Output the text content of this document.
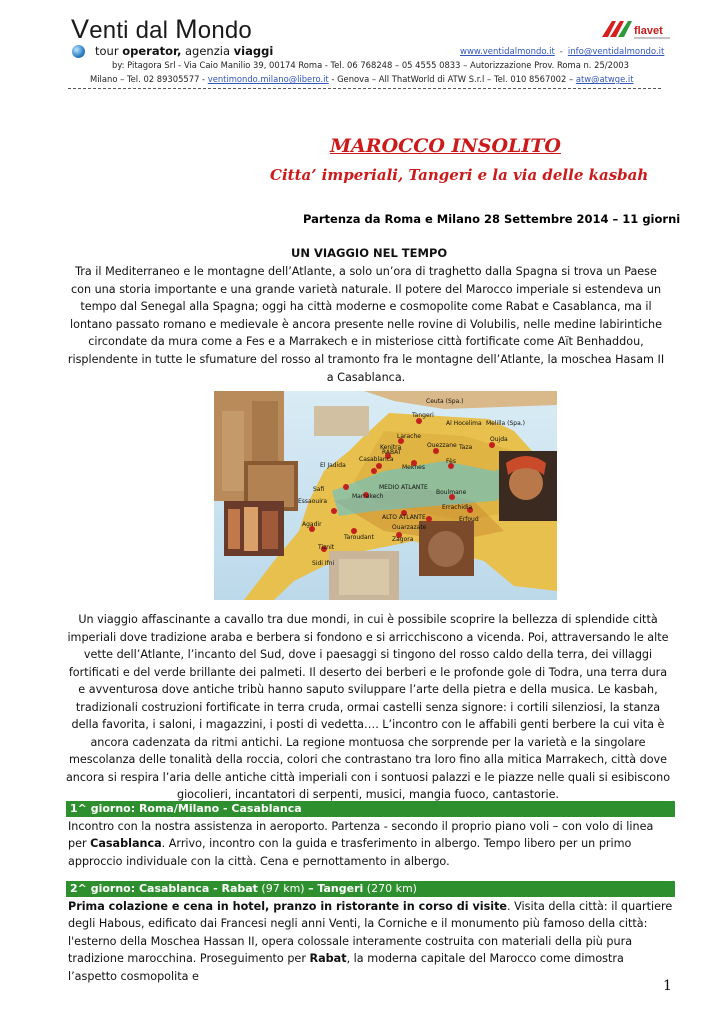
Venti dal Mondo
tour operator, agenzia viaggi	www.ventidalmondo.it - info@ventidalmondo.it
by: Pitagora Srl - Via Caio Manilio 39, 00174 Roma - Tel. 06 768248 – 05 4555 0833 – Autorizzazione Prov. Roma n. 25/2003
Milano – Tel. 02 89305577 - ventimondo.milano@libero.it - Genova – All ThatWorld di ATW S.r.l – Tel. 010 8567002 – atw@atwge.it
flavet
MAROCCO INSOLITO
Citta’ imperiali, Tangeri e la via delle kasbah
Partenza da Roma e Milano 28 Settembre 2014 – 11 giorni
UN VIAGGIO NEL TEMPO
Tra il Mediterraneo e le montagne dell’Atlante, a solo un’ora di traghetto dalla Spagna si trova un Paese con una storia importante e una grande varietà naturale. Il potere del Marocco imperiale si estendeva un tempo dal Senegal alla Spagna; oggi ha città moderne e cosmopolite come Rabat e Casablanca, ma il lontano passato romano e medievale è ancora presente nelle rovine di Volubilis, nelle medine labirintiche circondate da mura come a Fes e a Marrakech e in misteriose città fortificate come Aït Benhaddou, risplendente in tutte le sfumature del rosso al tramonto fra le montagne dell’Atlante, la moschea Hasam II a Casablanca.
Ceuta (Spa.)
Tangeri
Al Hocelima Melilla (Spa.)
Larache
Kenitra	Ouezzane Taza
Oujda
RABAT
Fès
Casablanca
Meknes
El Jadida
Safi	Boulmane
MEDIO ATLANTE
Marrakech
Essaouira
ALTO ATLANTE
Errachidia
Ouarzazate
Erfoud
Agadir
Taroudant	Zagora
Tiznit
Sidi Ifni
Un viaggio affascinante a cavallo tra due mondi, in cui è possibile scoprire la bellezza di splendide città imperiali dove tradizione araba e berbera si fondono e si arricchiscono a vicenda. Poi, attraversando le alte vette dell’Atlante, l’incanto del Sud, dove i paesaggi si tingono del rosso caldo della terra, dei villaggi fortificati e del verde brillante dei palmeti. Il deserto dei berberi e le profonde gole di Todra, una terra dura e avventurosa dove antiche tribù hanno saputo sviluppare l’arte della pietra e della musica. Le kasbah, tradizionali costruzioni fortificate in terra cruda, ormai castelli senza signore: i cortili silenziosi, la stanza della favorita, i saloni, i magazzini, i posti di vedetta…. L’incontro con le affabili genti berbere la cui vita è ancora cadenzata da ritmi antichi. La regione montuosa che sorprende per la varietà e la singolare mescolanza delle tonalità della roccia, colori che contrastano tra loro fino alla mitica Marrakech, città dove ancora si respira l’aria delle antiche città imperiali con i sontuosi palazzi e le piazze nelle quali si esibiscono giocolieri, incantatori di serpenti, musici, mangia fuoco, cantastorie.
1^ giorno: Roma/Milano - Casablanca
Incontro con la nostra assistenza in aeroporto. Partenza - secondo il proprio piano voli – con volo di linea per Casablanca. Arrivo, incontro con la guida e trasferimento in albergo. Tempo libero per un primo approccio individuale con la città. Cena e pernottamento in albergo.
2^ giorno: Casablanca - Rabat (97 km) – Tangeri (270 km)
Prima colazione e cena in hotel, pranzo in ristorante in corso di visite. Visita della città: il quartiere degli Habous, edificato dai Francesi negli anni Venti, la Corniche e il monumento più famoso della città: l'esterno della Moschea Hassan II, opera colossale interamente costruita con materiali della più pura tradizione marocchina. Proseguimento per Rabat, la moderna capitale del Marocco come dimostra l’aspetto cosmopolita e
1
